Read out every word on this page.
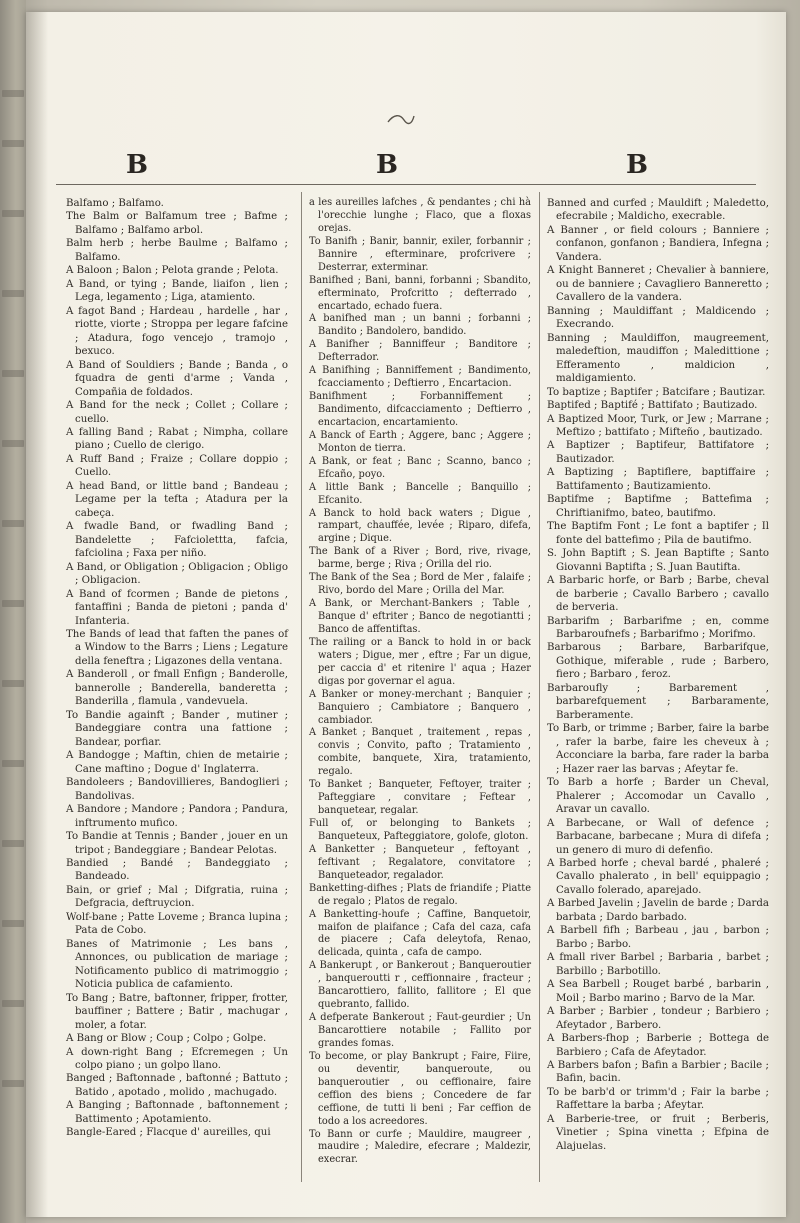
B	B	B

Balfamo ; Balfamo.

The Balm or Balfamum tree ; Bafme ; Balfamo ; Balfamo arbol.

Balm herb ; herbe Baulme ; Balfamo ; Balfamo.

A Baloon ; Balon ; Pelota grande ; Pelota.

A Band, or tying ; Bande, liaifon , lien ; Lega, legamento ; Liga, atamiento.

A fagot Band ; Hardeau , hardelle , har , riotte, viorte ; Stroppa per legare fafcine ; Atadura, fogo vencejo , tramojo , bexuco.

A Band of Souldiers ; Bande ; Banda , o fquadra de genti d'arme ; Vanda , Compañia de foldados.

A Band for the neck ; Collet ; Collare ; cuello.

A falling Band ; Rabat ; Nimpha, collare piano ; Cuello de clerigo.

A Ruff Band ; Fraize ; Collare doppio ; Cuello.

A head Band, or little band ; Bandeau ; Legame per la tefta ; Atadura per la cabeça.

A fwadle Band, or fwadling Band ; Bandelette ; Fafciolettta, fafcia, fafciolina ; Faxa per niño.

A Band, or Obligation ; Obligacion ; Obligo ; Obligacion.

A Band of fcormen ; Bande de pietons , fantaffini ; Banda de pietoni ; panda d' Infanteria.

The Bands of lead that faften the panes of a Window to the Barrs ; Liens ; Legature della feneftra ; Ligazones della ventana.

A Banderoll , or fmall Enfign ; Banderolle, bannerolle ; Banderella, banderetta ; Banderilla , flamula , vandevuela.

To Bandie againft ; Bander , mutiner ; Bandeggiare contra una fattione ; Bandear, porfiar.

A Bandogge ; Maftin, chien de metairie ; Cane maftino ; Dogue d' Inglaterra.

Bandoleers ; Bandovillieres, Bandoglieri ; Bandolivas.

A Bandore ; Mandore ; Pandora ; Pandura, inftrumento mufico.

To Bandie at Tennis ; Bander , jouer en un tripot ; Bandeggiare ; Bandear Pelotas.

Bandied ; Bandé ; Bandeggiato ; Bandeado.

Bain, or grief ; Mal ; Difgratia, ruina ; Defgracia, deftruycion.

Wolf-bane ; Patte Loveme ; Branca lupina ; Pata de Cobo.

Banes of Matrimonie ; Les bans , Annonces, ou publication de mariage ; Notificamento publico di matrimoggio ; Noticia publica de cafamiento.

To Bang ; Batre, baftonner, fripper, frotter, bauffiner ; Battere ; Batir , machugar , moler, a fotar.

A Bang or Blow ; Coup ; Colpo ; Golpe.

A down-right Bang ; Efcremegen ; Un colpo piano ; un golpo llano.

Banged ; Baftonnade , baftonné ; Battuto ; Batido , apotado , molido , machugado.

A Banging ; Baftonnade , baftonnement ; Battimento ; Apotamiento.

Bangle-Eared ; Flacque d' aureilles, qui

a les aureilles lafches , & pendantes ; chi hà l'orecchie lunghe ; Flaco, que a floxas orejas.

To Banifh ; Banir, bannir, exiler, forbannir ; Bannire , efterminare, profcrivere ; Desterrar, exterminar.

Banifhed ; Bani, banni, forbanni ; Sbandito, efterminato, Profcritto ; defterrado , encartado, echado fuera.

A banifhed man ; un banni ; forbanni ; Bandito ; Bandolero, bandido.

A Banifher ; Banniffeur ; Banditore ; Defterrador.

A Banifhing ; Banniffement ; Bandimento, fcacciamento ; Deftierro , Encartacion.

Banifhment ; Forbanniffement ; Bandimento, difcacciamento ; Deftierro , encartacion, encartamiento.

A Banck of Earth ; Aggere, banc ; Aggere ; Monton de tierra.

A Bank, or feat ; Banc ; Scanno, banco ; Efcaño, poyo.

A little Bank ; Bancelle ; Banquillo ; Efcanito.

A Banck to hold back waters ; Digue , rampart, chauffée, levée ; Riparo, difefa, argine ; Dique.

The Bank of a River ; Bord, rive, rivage, barme, berge ; Riva ; Orilla del rio.

The Bank of the Sea ; Bord de Mer , falaife ; Rivo, bordo del Mare ; Orilla del Mar.

A Bank, or Merchant-Bankers ; Table , Banque d' eftriter ; Banco de negotiantti ; Banco de affentiftas.

The railing or a Banck to hold in or back waters ; Digue, mer , eftre ; Far un digue, per caccia d' et ritenire l' aqua ; Hazer digas por governar el agua.

A Banker or money-merchant ; Banquier ; Banquiero ; Cambiatore ; Banquero , cambiador.

A Banket ; Banquet , traitement , repas , convis ; Convito, pafto ; Tratamiento , combite, banquete, Xira, tratamiento, regalo.

To Banket ; Banqueter, Feftoyer, traiter ; Pafteggiare , convitare ; Feftear , banquetear, regalar.

Full of, or belonging to Bankets ; Banqueteux, Pafteggiatore, golofe, gloton.

A Banketter ; Banqueteur , feftoyant , feftivant ; Regalatore, convitatore ; Banqueteador, regalador.

Banketting-difhes ; Plats de friandife ; Piatte de regalo ; Platos de regalo.

A Banketting-houfe ; Caffine, Banquetoir, maifon de plaifance ; Cafa del caza, cafa de piacere ; Cafa deleytofa, Renao, delicada, quinta , cafa de campo.

A Bankerupt , or Bankerout ; Banqueroutier , banqueroutti r , ceffionnaire , fracteur ; Bancarottiero, fallito, fallitore ; El que quebranto, fallido.

A defperate Bankerout ; Faut-geurdier ; Un Bancarottiere notabile ; Fallito por grandes fomas.

To become, or play Bankrupt ; Faire, Fiire, ou deventir, banqueroute, ou banqueroutier , ou ceffionaire, faire ceffion des biens ; Concedere de far ceffione, de tutti li beni ; Far ceffion de todo a los acreedores.

To Bann or curfe ; Mauldire, maugreer , maudire ; Maledire, efecrare ; Maldezir, execrar.

Banned and curfed ; Mauldift ; Maledetto, efecrabile ; Maldicho, execrable.

A Banner , or field colours ; Banniere ; confanon, gonfanon ; Bandiera, Infegna ; Vandera.

A Knight Banneret ; Chevalier à banniere, ou de banniere ; Cavagliero Banneretto ; Cavallero de la vandera.

Banning ; Mauldiffant ; Maldicendo ; Execrando.

Banning ; Mauldiffon, maugreement, maledeftion, maudiffon ; Maledittione ; Efferamento , maldicion , maldigamiento.

To baptize ; Baptifer ; Batcifare ; Bautizar.

Baptifed ; Baptifé ; Battifato ; Bautizado.

A Baptized Moor, Turk, or Jew ; Marrane ; Meftizo ; battifato ; Mifteño , bautizado.

A Baptizer ; Baptifeur, Battifatore ; Bautizador.

A Baptizing ; Baptiflere, baptiffaire ; Battifamento ; Bautizamiento.

Baptifme ; Baptifme ; Battefima ; Chriftianifmo, bateo, bautifmo.

The Baptifm Font ; Le font a baptifer ; Il fonte del battefimo ; Pila de bautifmo.

S. John Baptift ; S. Jean Baptifte ; Santo Giovanni Baptifta ; S. Juan Bautifta.

A Barbaric horfe, or Barb ; Barbe, cheval de barberie ; Cavallo Barbero ; cavallo de berveria.

Barbarifm ; Barbarifme ; en, comme Barbaroufnefs ; Barbarifmo ; Morifmo.

Barbarous ; Barbare, Barbarifque, Gothique, miferable , rude ; Barbero, fiero ; Barbaro , feroz.

Barbaroufly ; Barbarement , barbarefquement ; Barbaramente, Barberamente.

To Barb, or trimme ; Barber, faire la barbe , rafer la barbe, faire les cheveux à ; Acconciare la barba, fare rader la barba ; Hazer raer las barvas ; Afeytar fe.

To Barb a horfe ; Barder un Cheval, Phalerer ; Accomodar un Cavallo , Aravar un cavallo.

A Barbecane, or Wall of defence ; Barbacane, barbecane ; Mura di difefa ; un genero di muro di defenfio.

A Barbed horfe ; cheval bardé , phaleré ; Cavallo phalerato , in bell' equippagio ; Cavallo folerado, aparejado.

A Barbed Javelin ; Javelin de barde ; Darda barbata ; Dardo barbado.

A Barbell fifh ; Barbeau , jau , barbon ; Barbo ; Barbo.

A fmall river Barbel ; Barbaria , barbet ; Barbillo ; Barbotillo.

A Sea Barbell ; Rouget barbé , barbarin , Moil ; Barbo marino ; Barvo de la Mar.

A Barber ; Barbier , tondeur ; Barbiero ; Afeytador , Barbero.

A Barbers-fhop ; Barberie ; Bottega de Barbiero ; Cafa de Afeytador.

A Barbers bafon ; Bafin a Barbier ; Bacile ; Bafin, bacin.

To be barb'd or trimm'd ; Fair la barbe ; Raffettare la barba ; Afeytar.

A Barberie-tree, or fruit ; Berberis, Vinetier ; Spina vinetta ; Efpina de Alajuelas.
